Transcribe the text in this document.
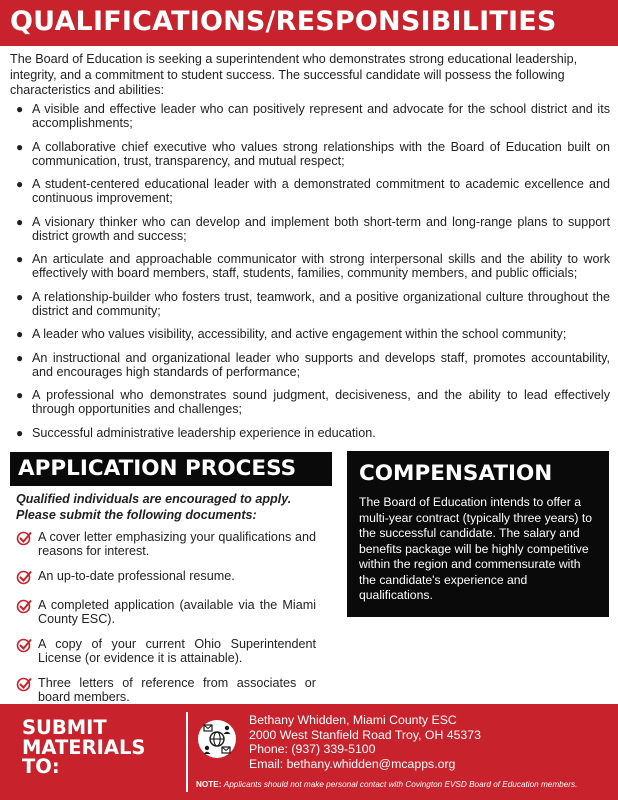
QUALIFICATIONS/RESPONSIBILITIES
The Board of Education is seeking a superintendent who demonstrates strong educational leadership, integrity, and a commitment to student success. The successful candidate will possess the following characteristics and abilities:
● A visible and effective leader who can positively represent and advocate for the school district and its accomplishments;
● A collaborative chief executive who values strong relationships with the Board of Education built on communication, trust, transparency, and mutual respect;
● A student-centered educational leader with a demonstrated commitment to academic excellence and continuous improvement;
● A visionary thinker who can develop and implement both short-term and long-range plans to support district growth and success;
● An articulate and approachable communicator with strong interpersonal skills and the ability to work effectively with board members, staff, students, families, community members, and public officials;
● A relationship-builder who fosters trust, teamwork, and a positive organizational culture throughout the district and community;
● A leader who values visibility, accessibility, and active engagement within the school community;
● An instructional and organizational leader who supports and develops staff, promotes accountability, and encourages high standards of performance;
● A professional who demonstrates sound judgment, decisiveness, and the ability to lead effectively through opportunities and challenges;
● Successful administrative leadership experience in education.
APPLICATION PROCESS
Qualified individuals are encouraged to apply. Please submit the following documents:
A cover letter emphasizing your qualifications and reasons for interest.
An up-to-date professional resume.
A completed application (available via the Miami County ESC).
A copy of your current Ohio Superintendent License (or evidence it is attainable).
Three letters of reference from associates or board members.
COMPENSATION

The Board of Education intends to offer a multi-year contract (typically three years) to the successful candidate. The salary and benefits package will be highly competitive within the region and commensurate with the candidate's experience and qualifications.

SUBMIT
MATERIALS
TO:
Bethany Whidden, Miami County ESC
2000 West Stanfield Road Troy, OH 45373
Phone: (937) 339-5100
Email: bethany.whidden@mcapps.org
NOTE: Applicants should not make personal contact with Covington EVSD Board of Education members.
